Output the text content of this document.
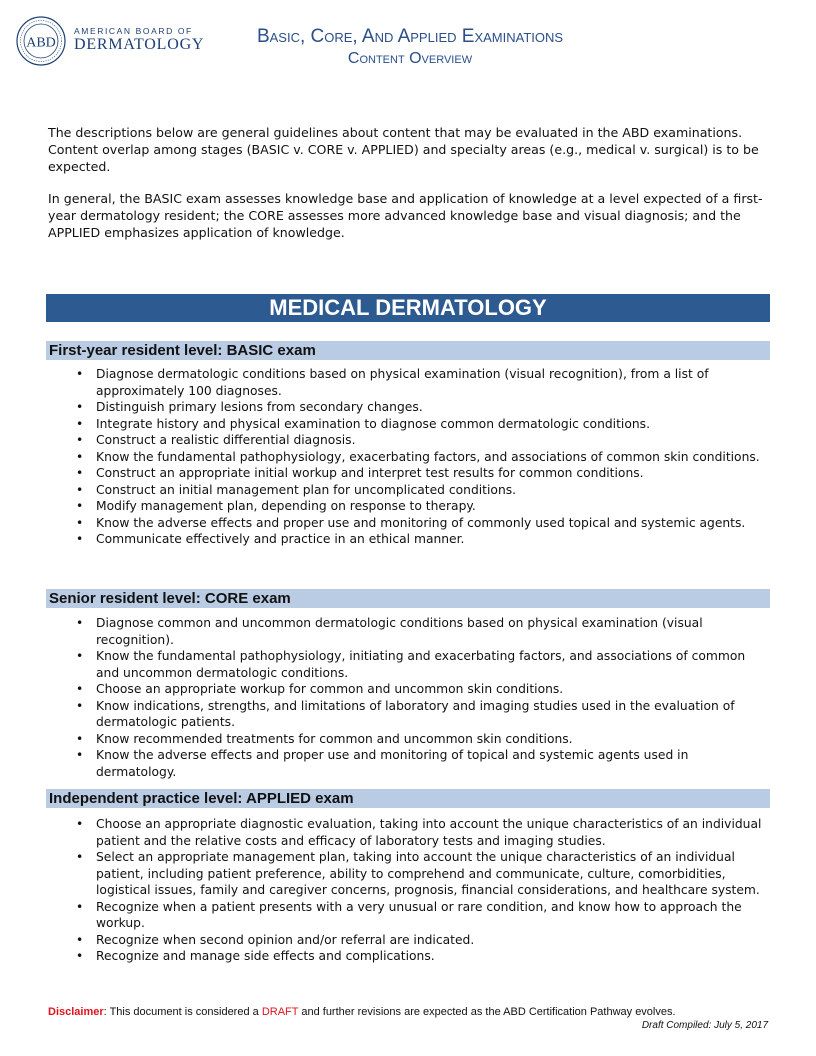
ABD
AMERICAN BOARD OF
DERMATOLOGY	Basic, Core, And Applied Examinations
Content Overview

The descriptions below are general guidelines about content that may be evaluated in the ABD examinations. Content overlap among stages (BASIC v. CORE v. APPLIED) and specialty areas (e.g., medical v. surgical) is to be expected.

In general, the BASIC exam assesses knowledge base and application of knowledge at a level expected of a first-year dermatology resident; the CORE assesses more advanced knowledge base and visual diagnosis; and the APPLIED emphasizes application of knowledge.

MEDICAL DERMATOLOGY
First-year resident level: BASIC exam
• Diagnose dermatologic conditions based on physical examination (visual recognition), from a list of approximately 100 diagnoses.
• Distinguish primary lesions from secondary changes.
• Integrate history and physical examination to diagnose common dermatologic conditions.
• Construct a realistic differential diagnosis.
• Know the fundamental pathophysiology, exacerbating factors, and associations of common skin conditions.
• Construct an appropriate initial workup and interpret test results for common conditions.
• Construct an initial management plan for uncomplicated conditions.
• Modify management plan, depending on response to therapy.
• Know the adverse effects and proper use and monitoring of commonly used topical and systemic agents.
• Communicate effectively and practice in an ethical manner.
Senior resident level: CORE exam
• Diagnose common and uncommon dermatologic conditions based on physical examination (visual recognition).
• Know the fundamental pathophysiology, initiating and exacerbating factors, and associations of common and uncommon dermatologic conditions.
• Choose an appropriate workup for common and uncommon skin conditions.
• Know indications, strengths, and limitations of laboratory and imaging studies used in the evaluation of dermatologic patients.
• Know recommended treatments for common and uncommon skin conditions.
• Know the adverse effects and proper use and monitoring of topical and systemic agents used in dermatology.
Independent practice level: APPLIED exam
• Choose an appropriate diagnostic evaluation, taking into account the unique characteristics of an individual patient and the relative costs and efficacy of laboratory tests and imaging studies.
• Select an appropriate management plan, taking into account the unique characteristics of an individual patient, including patient preference, ability to comprehend and communicate, culture, comorbidities, logistical issues, family and caregiver concerns, prognosis, financial considerations, and healthcare system.
• Recognize when a patient presents with a very unusual or rare condition, and know how to approach the workup.
• Recognize when second opinion and/or referral are indicated.
• Recognize and manage side effects and complications.
Disclaimer: This document is considered a DRAFT and further revisions are expected as the ABD Certification Pathway evolves.
Draft Compiled: July 5, 2017
